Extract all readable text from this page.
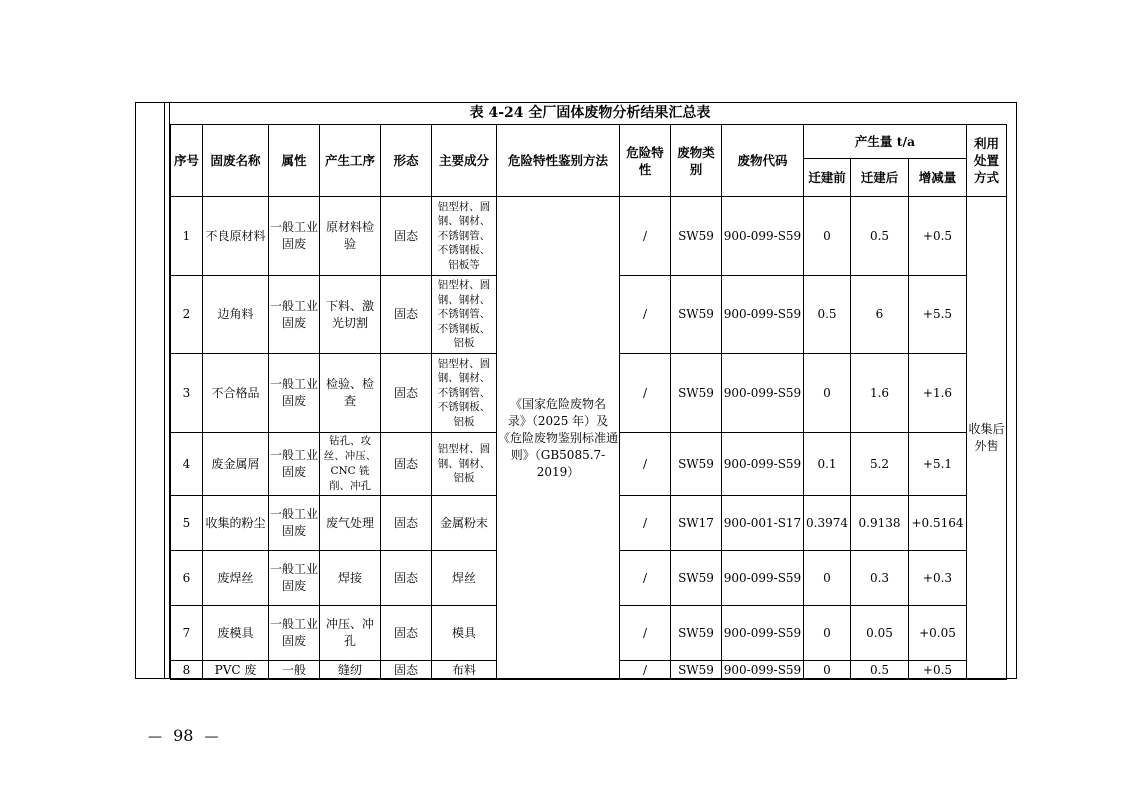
表 4-24 全厂固体废物分析结果汇总表
序号	固废名称	属性	产生工序	形态	主要成分	危险特性鉴别方法	危险特性	废物类别	废物代码	产生量 t/a			利用处置方式
										迁建前	迁建后	增减量	
1	不良原材料	一般工业固废	原材料检验	固态	铝型材、圆钢、钢材、不锈钢管、不锈钢板、铝板等	《国家危险废物名录》（2025 年）及《危险废物鉴别标准通则》（GB5085.7-2019）	/	SW59	900-099-S59	0	0.5	+0.5	收集后外售
2	边角料	一般工业固废	下料、激光切割	固态	铝型材、圆钢、钢材、不锈钢管、不锈钢板、铝板		/	SW59	900-099-S59	0.5	6	+5.5	
3	不合格品	一般工业固废	检验、检查	固态	铝型材、圆钢、钢材、不锈钢管、不锈钢板、铝板		/	SW59	900-099-S59	0	1.6	+1.6	
4	废金属屑	一般工业固废	钻孔、攻丝、冲压、CNC 铣削、冲孔	固态	铝型材、圆钢、钢材、铝板		/	SW59	900-099-S59	0.1	5.2	+5.1	
5	收集的粉尘	一般工业固废	废气处理	固态	金属粉末		/	SW17	900-001-S17	0.3974	0.9138	+0.5164	
6	废焊丝	一般工业固废	焊接	固态	焊丝		/	SW59	900-099-S59	0	0.3	+0.3	
7	废模具	一般工业固废	冲压、冲孔	固态	模具		/	SW59	900-099-S59	0	0.05	+0.05	
8	PVC 废	一般	缝纫	固态	布料		/	SW59	900-099-S59	0	0.5	+0.5	
— 98 —
